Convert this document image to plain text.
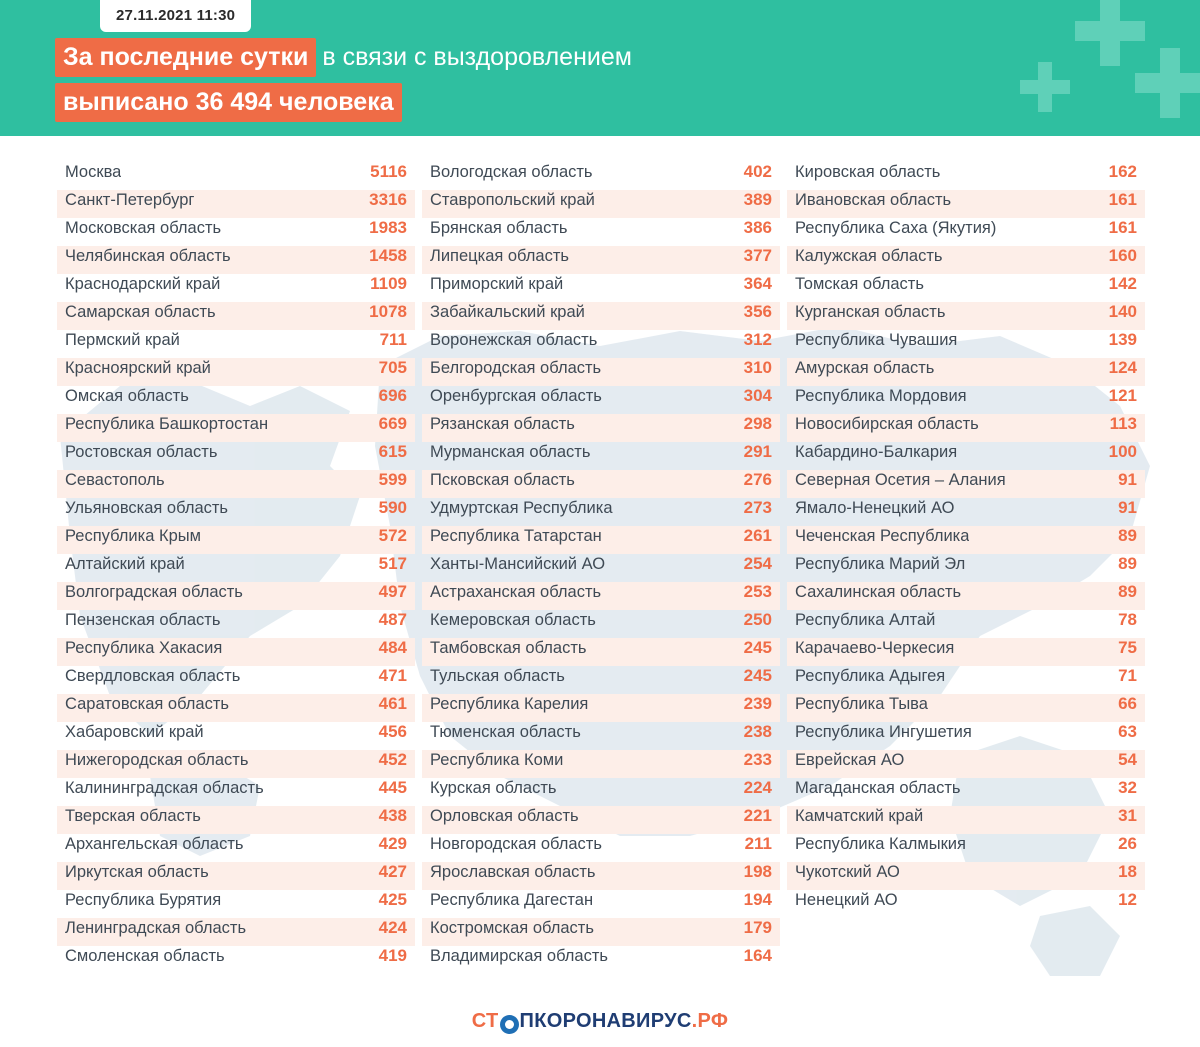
27.11.2021 11:30
За последние сутки в связи с выздоровлением
выписано 36 494 человека
Москва	5116
Санкт-Петербург	3316
Московская область	1983
Челябинская область	1458
Краснодарский край	1109
Самарская область	1078
Пермский край	711
Красноярский край	705
Омская область	696
Республика Башкортостан	669
Ростовская область	615
Севастополь	599
Ульяновская область	590
Республика Крым	572
Алтайский край	517
Волгоградская область	497
Пензенская область	487
Республика Хакасия	484
Свердловская область	471
Саратовская область	461
Хабаровский край	456
Нижегородская область	452
Калининградская область	445
Тверская область	438
Архангельская область	429
Иркутская область	427
Республика Бурятия	425
Ленинградская область	424
Смоленская область	419
Вологодская область	402
Ставропольский край	389
Брянская область	386
Липецкая область	377
Приморский край	364
Забайкальский край	356
Воронежская область	312
Белгородская область	310
Оренбургская область	304
Рязанская область	298
Мурманская область	291
Псковская область	276
Удмуртская Республика	273
Республика Татарстан	261
Ханты-Мансийский АО	254
Астраханская область	253
Кемеровская область	250
Тамбовская область	245
Тульская область	245
Республика Карелия	239
Тюменская область	238
Республика Коми	233
Курская область	224
Орловская область	221
Новгородская область	211
Ярославская область	198
Республика Дагестан	194
Костромская область	179
Владимирская область	164
Кировская область	162
Ивановская область	161
Республика Саха (Якутия)	161
Калужская область	160
Томская область	142
Курганская область	140
Республика Чувашия	139
Амурская область	124
Республика Мордовия	121
Новосибирская область	113
Кабардино-Балкария	100
Северная Осетия – Алания	91
Ямало-Ненецкий АО	91
Чеченская Республика	89
Республика Марий Эл	89
Сахалинская область	89
Республика Алтай	78
Карачаево-Черкесия	75
Республика Адыгея	71
Республика Тыва	66
Республика Ингушетия	63
Еврейская АО	54
Магаданская область	32
Камчатский край	31
Республика Калмыкия	26
Чукотский АО	18
Ненецкий АО	12
СТ ПКОРОНАВИРУС .РФ
